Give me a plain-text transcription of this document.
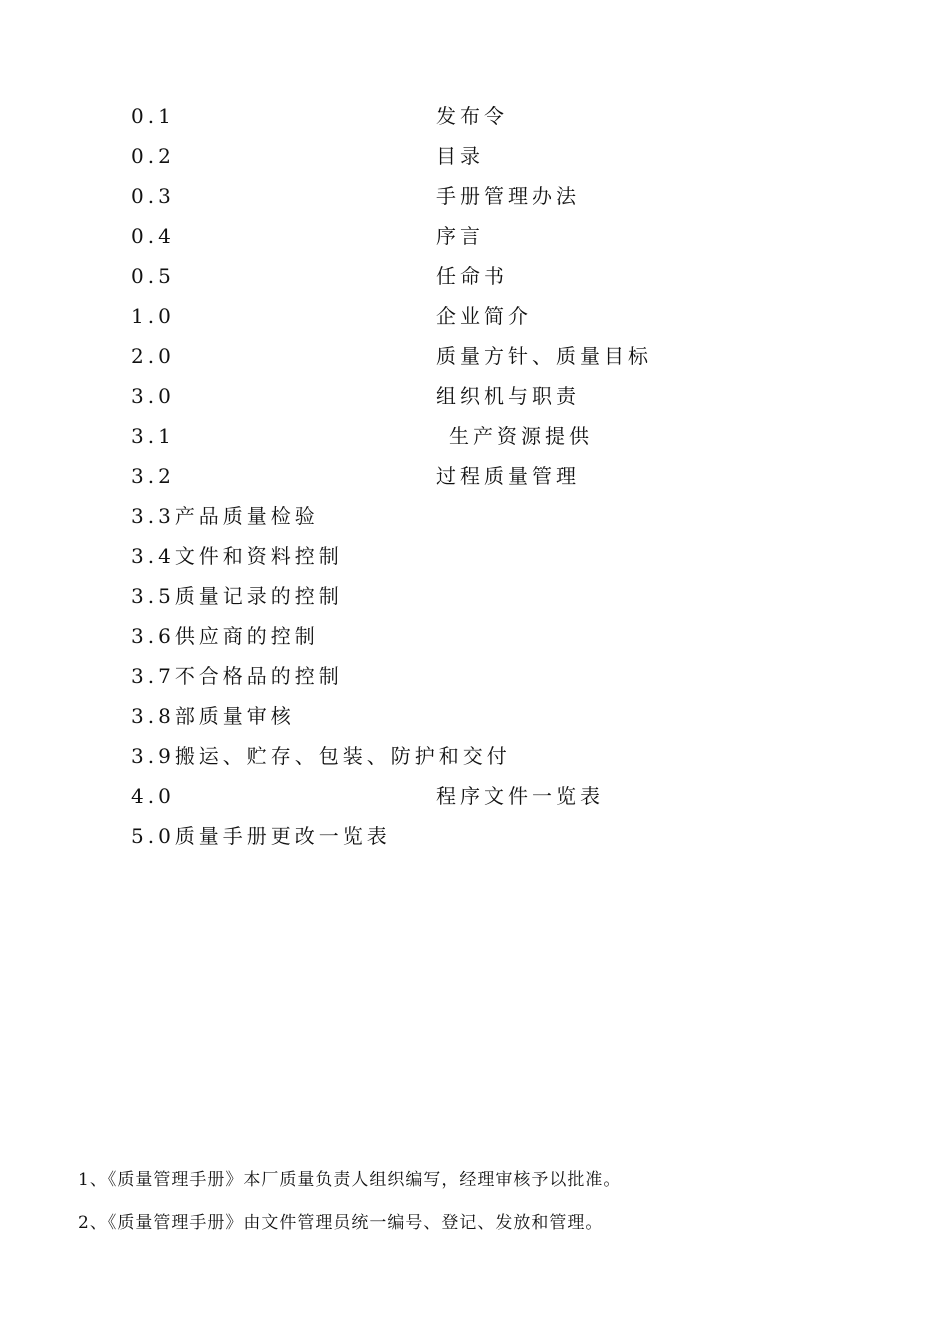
0.1	发布令
0.2	目录
0.3	手册管理办法
0.4	序言
0.5	任命书
1.0	企业简介
2.0	质量方针、质量目标
3.0	组织机与职责
3.1	生产资源提供
3.2	过程质量管理
3.3产品质量检验
3.4文件和资料控制
3.5质量记录的控制
3.6供应商的控制
3.7不合格品的控制
3.8部质量审核
3.9搬运、贮存、包装、防护和交付
4.0	程序文件一览表
5.0质量手册更改一览表
1、《质量管理手册》本厂质量负责人组织编写，经理审核予以批准。
2、《质量管理手册》由文件管理员统一编号、登记、发放和管理。
